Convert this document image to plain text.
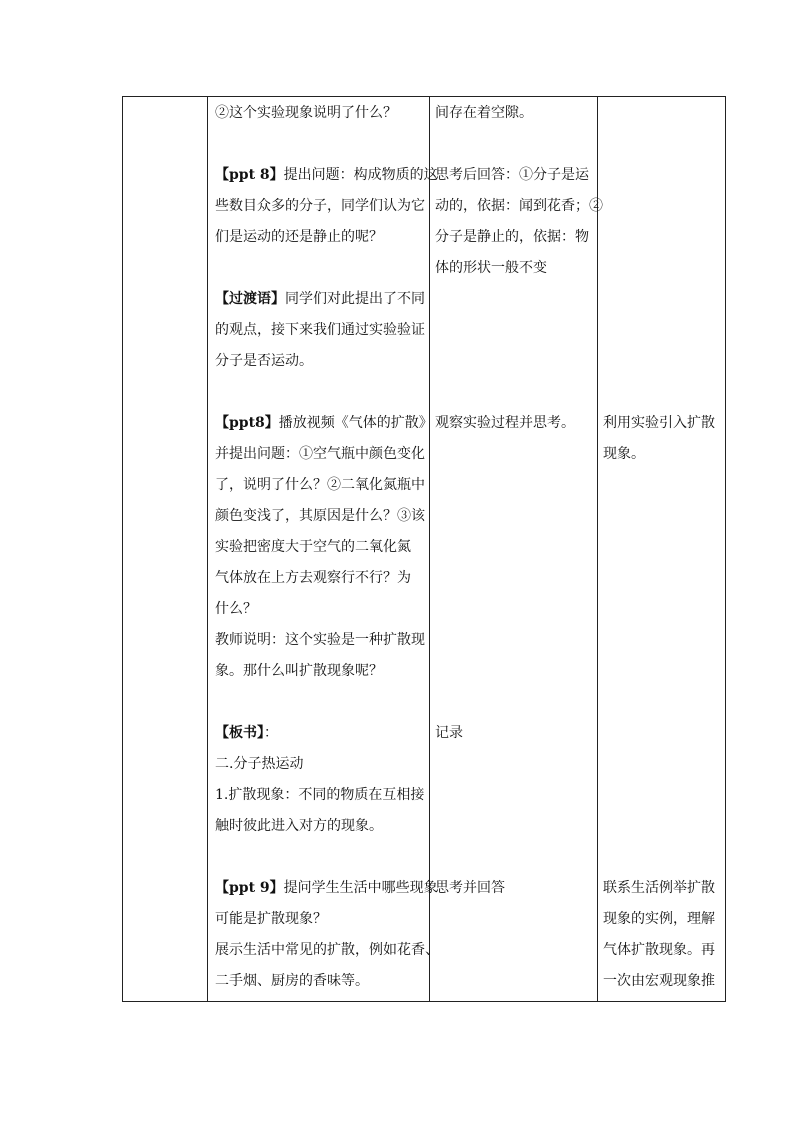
②这个实验现象说明了什么？

【ppt 8】提出问题：构成物质的这

些数目众多的分子，同学们认为它

们是运动的还是静止的呢？

【过渡语】同学们对此提出了不同

的观点，接下来我们通过实验验证

分子是否运动。

【ppt8】播放视频《气体的扩散》

并提出问题：①空气瓶中颜色变化

了，说明了什么？②二氧化氮瓶中

颜色变浅了，其原因是什么？③该

实验把密度大于空气的二氧化氮

气体放在上方去观察行不行？为

什么？

教师说明：这个实验是一种扩散现

象。那什么叫扩散现象呢？

【板书】：

二.分子热运动

1.扩散现象：不同的物质在互相接

触时彼此进入对方的现象。

【ppt 9】提问学生生活中哪些现象

可能是扩散现象？

展示生活中常见的扩散，例如花香、

二手烟、厨房的香味等。

间存在着空隙。

思考后回答：①分子是运

动的，依据：闻到花香；②

分子是静止的，依据：物

体的形状一般不变

观察实验过程并思考。

记录

思考并回答

利用实验引入扩散

现象。

联系生活例举扩散

现象的实例，理解

气体扩散现象。再

一次由宏观现象推
